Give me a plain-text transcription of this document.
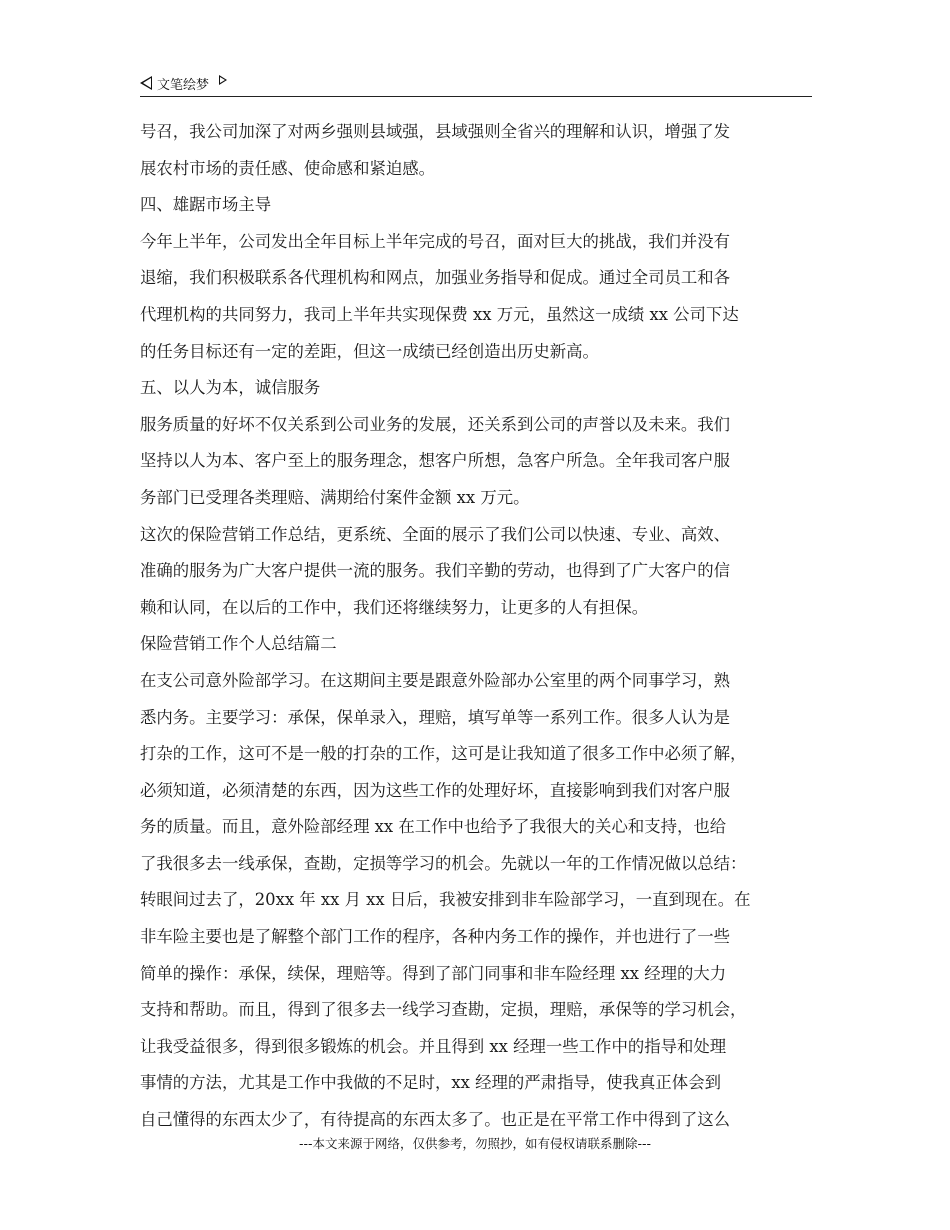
文笔绘梦
号召，我公司加深了对两乡强则县域强，县域强则全省兴的理解和认识，增强了发
展农村市场的责任感、使命感和紧迫感。
四、雄踞市场主导
今年上半年，公司发出全年目标上半年完成的号召，面对巨大的挑战，我们并没有
退缩，我们积极联系各代理机构和网点，加强业务指导和促成。通过全司员工和各
代理机构的共同努力，我司上半年共实现保费 xx 万元，虽然这一成绩 xx 公司下达
的任务目标还有一定的差距，但这一成绩已经创造出历史新高。
五、以人为本，诚信服务
服务质量的好坏不仅关系到公司业务的发展，还关系到公司的声誉以及未来。我们
坚持以人为本、客户至上的服务理念，想客户所想，急客户所急。全年我司客户服
务部门已受理各类理赔、满期给付案件金额 xx 万元。
这次的保险营销工作总结，更系统、全面的展示了我们公司以快速、专业、高效、
准确的服务为广大客户提供一流的服务。我们辛勤的劳动，也得到了广大客户的信
赖和认同，在以后的工作中，我们还将继续努力，让更多的人有担保。
保险营销工作个人总结篇二
在支公司意外险部学习。在这期间主要是跟意外险部办公室里的两个同事学习，熟
悉内务。主要学习：承保，保单录入，理赔，填写单等一系列工作。很多人认为是
打杂的工作，这可不是一般的打杂的工作，这可是让我知道了很多工作中必须了解，
必须知道，必须清楚的东西，因为这些工作的处理好坏，直接影响到我们对客户服
务的质量。而且，意外险部经理 xx 在工作中也给予了我很大的关心和支持，也给
了我很多去一线承保，查勘，定损等学习的机会。先就以一年的工作情况做以总结：
转眼间过去了，20xx 年 xx 月 xx 日后，我被安排到非车险部学习，一直到现在。在
非车险主要也是了解整个部门工作的程序，各种内务工作的操作，并也进行了一些
简单的操作：承保，续保，理赔等。得到了部门同事和非车险经理 xx 经理的大力
支持和帮助。而且，得到了很多去一线学习查勘，定损，理赔，承保等的学习机会，
让我受益很多，得到很多锻炼的机会。并且得到 xx 经理一些工作中的指导和处理
事情的方法，尤其是工作中我做的不足时，xx 经理的严肃指导，使我真正体会到
自己懂得的东西太少了，有待提高的东西太多了。也正是在平常工作中得到了这么
---本文来源于网络，仅供参考，勿照抄，如有侵权请联系删除---
